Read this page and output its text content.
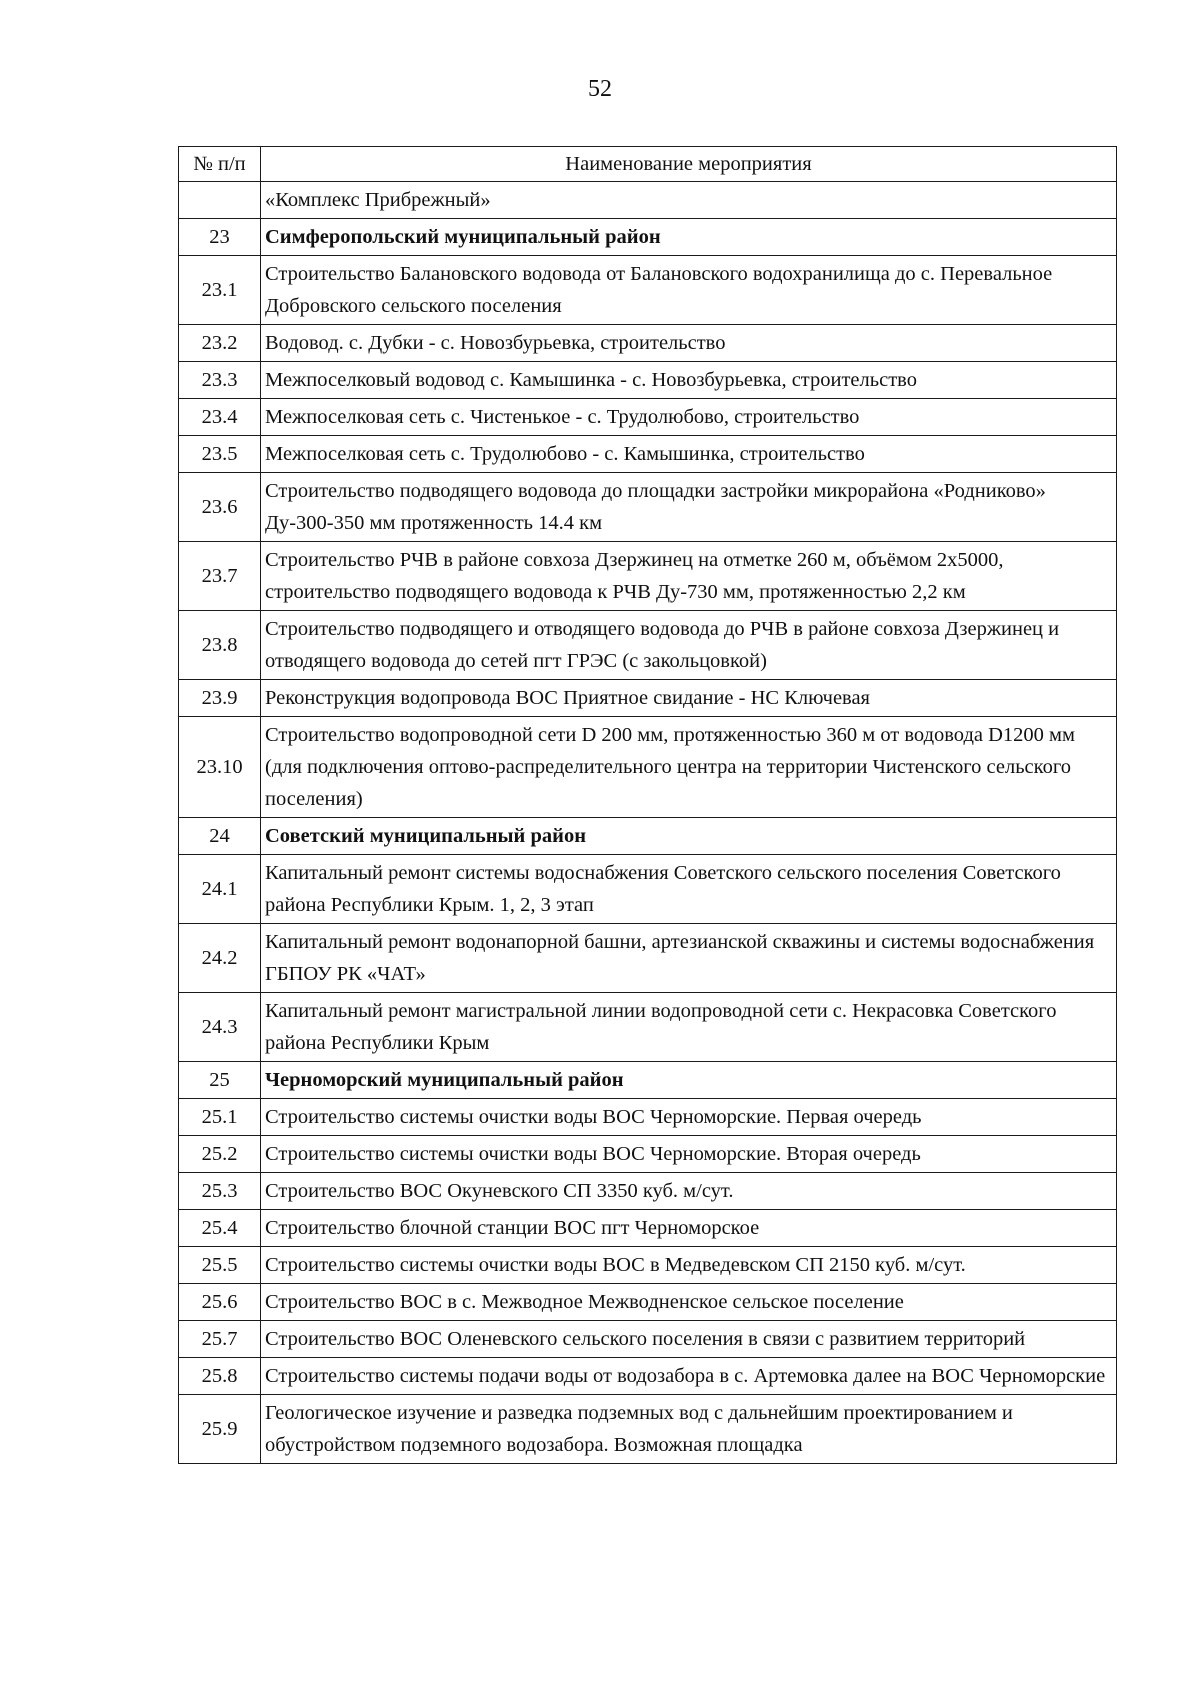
52
№ п/п	Наименование мероприятия
	«Комплекс Прибрежный»
23	Симферопольский муниципальный район
23.1	Строительство Балановского водовода от Балановского водохранилища до с. Перевальное Добровского сельского поселения
23.2	Водовод. с. Дубки - с. Новозбурьевка, строительство
23.3	Межпоселковый водовод с. Камышинка - с. Новозбурьевка, строительство
23.4	Межпоселковая сеть с. Чистенькое - с. Трудолюбово, строительство
23.5	Межпоселковая сеть с. Трудолюбово - с. Камышинка, строительство
23.6	Строительство подводящего водовода до площадки застройки микрорайона «Родниково» Ду-300-350 мм протяженность 14.4 км
23.7	Строительство РЧВ в районе совхоза Дзержинец на отметке 260 м, объёмом 2х5000, строительство подводящего водовода к РЧВ Ду-730 мм, протяженностью 2,2 км
23.8	Строительство подводящего и отводящего водовода до РЧВ в районе совхоза Дзержинец и отводящего водовода до сетей пгт ГРЭС (с закольцовкой)
23.9	Реконструкция водопровода ВОС Приятное свидание - НС Ключевая
23.10	Строительство водопроводной сети D 200 мм, протяженностью 360 м от водовода D1200 мм (для подключения оптово-распределительного центра на территории Чистенского сельского поселения)
24	Советский муниципальный район
24.1	Капитальный ремонт системы водоснабжения Советского сельского поселения Советского района Республики Крым. 1, 2, 3 этап
24.2	Капитальный ремонт водонапорной башни, артезианской скважины и системы водоснабжения ГБПОУ РК «ЧАТ»
24.3	Капитальный ремонт магистральной линии водопроводной сети с. Некрасовка Советского района Республики Крым
25	Черноморский муниципальный район
25.1	Строительство системы очистки воды ВОС Черноморские. Первая очередь
25.2	Строительство системы очистки воды ВОС Черноморские. Вторая очередь
25.3	Строительство ВОС Окуневского СП 3350 куб. м/сут.
25.4	Строительство блочной станции ВОС пгт Черноморское
25.5	Строительство системы очистки воды ВОС в Медведевском СП 2150 куб. м/сут.
25.6	Строительство ВОС в с. Межводное Межводненское сельское поселение
25.7	Строительство ВОС Оленевского сельского поселения в связи с развитием территорий
25.8	Строительство системы подачи воды от водозабора в с. Артемовка далее на ВОС Черноморские
25.9	Геологическое изучение и разведка подземных вод с дальнейшим проектированием и обустройством подземного водозабора. Возможная площадка
